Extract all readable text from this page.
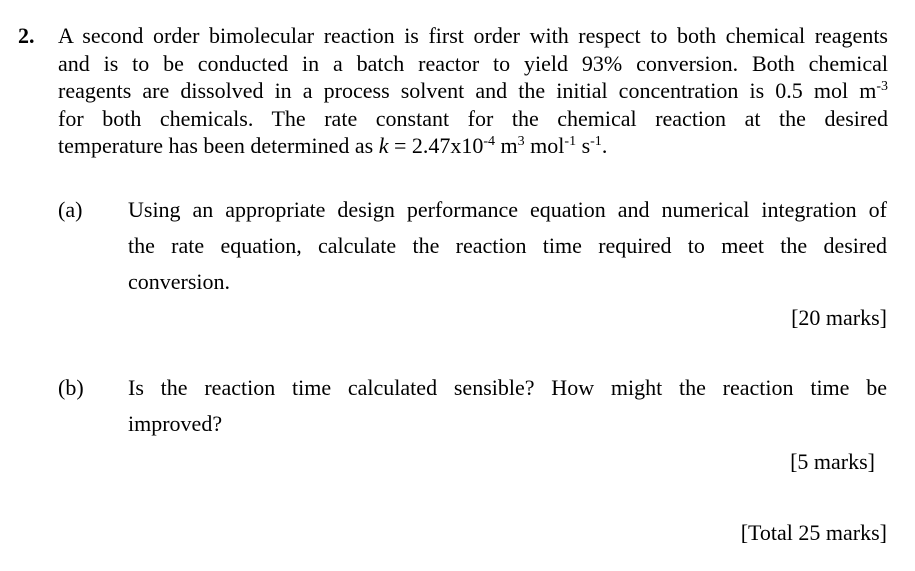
2. A second order bimolecular reaction is first order with respect to both chemical reagents
and is to be conducted in a batch reactor to yield 93% conversion. Both chemical
reagents are dissolved in a process solvent and the initial concentration is 0.5 mol $m^{-3}$
for both chemicals. The rate constant for the chemical reaction at the desired
temperature has been determined as $k = 2.47x10^{-4}$ $m^3$ mol$^{-1}$ $s^{-1}$.
(a) Using an appropriate design performance equation and numerical integration of
the rate equation, calculate the reaction time required to meet the desired
conversion.
[20 marks]
(b) Is the reaction time calculated sensible? How might the reaction time be
improved?
[5 marks]
[Total 25 marks]
